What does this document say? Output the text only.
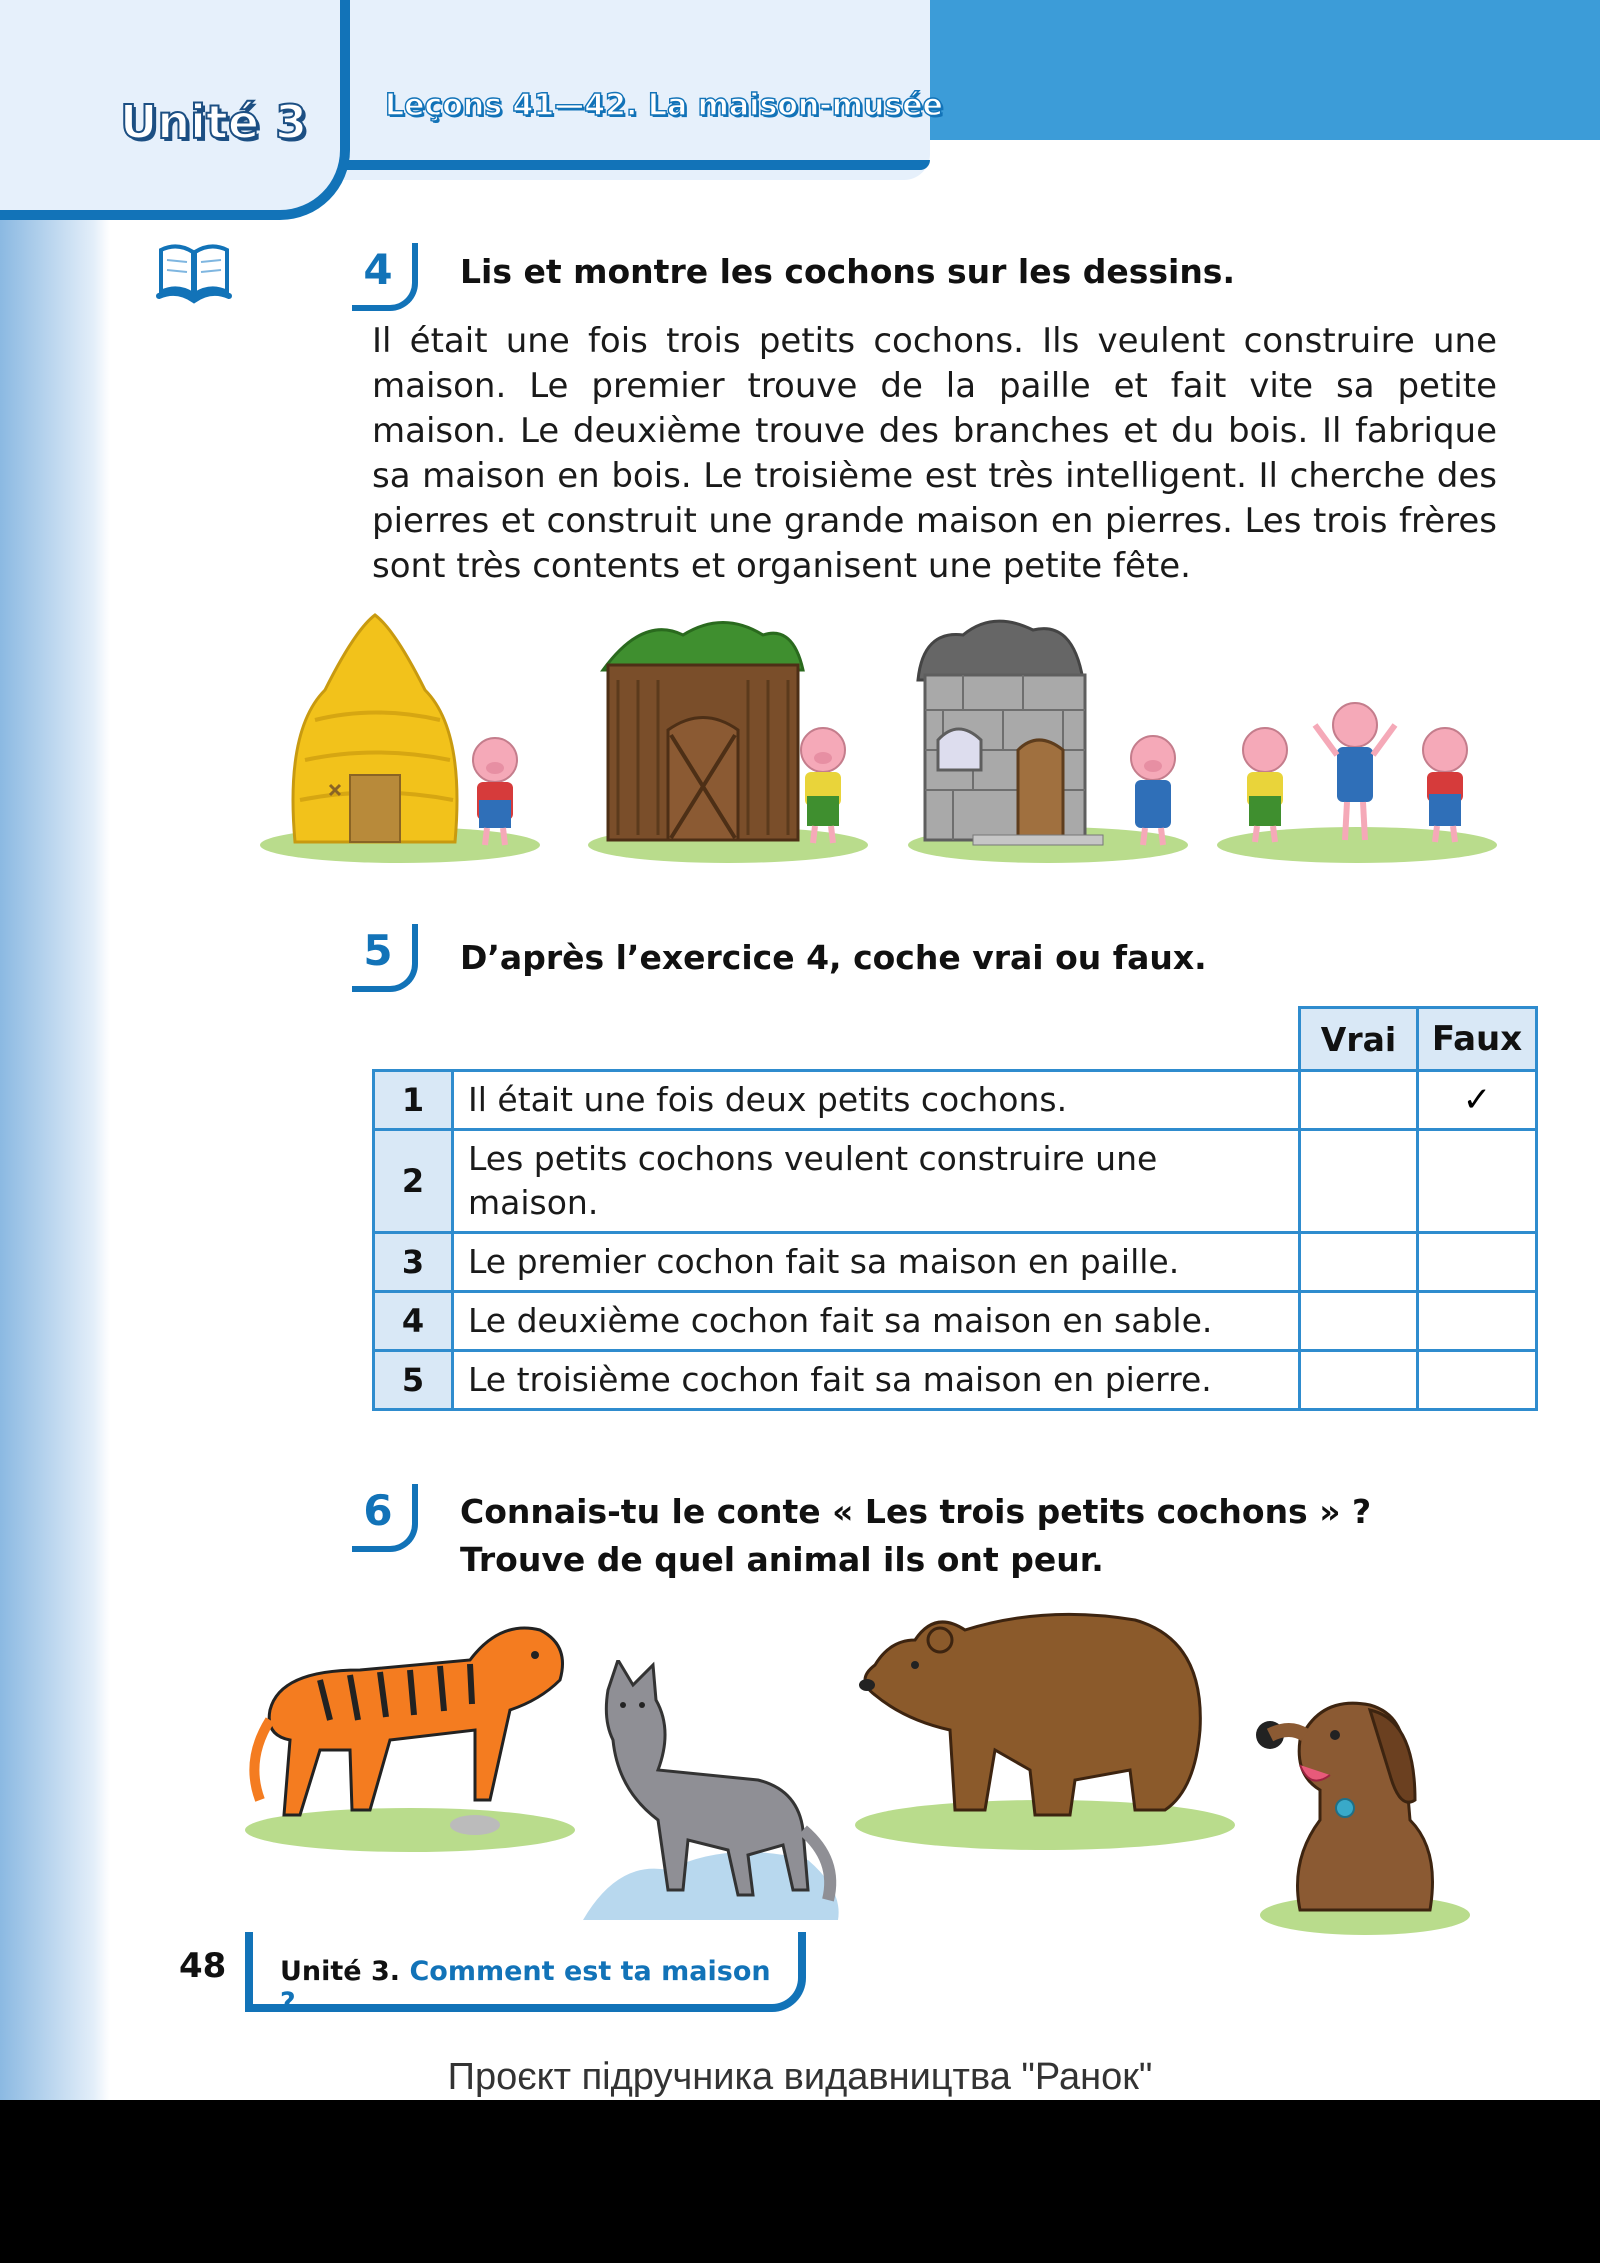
Unité 3	Leçons 41—42. La maison-musée
4	Lis et montre les cochons sur les dessins.
Il était une fois trois petits cochons. Ils veulent construire une maison. Le premier trouve de la paille et fait vite sa petite maison. Le deuxième trouve des branches et du bois. Il fabrique sa maison en bois. Le troisième est très intelligent. Il cherche des pierres et construit une grande maison en pierres. Les trois frères sont très contents et organisent une petite fête.
5	D’après l’exercice 4, coche vrai ou faux.
		Vrai	Faux
1	Il était une fois deux petits cochons.		✓
2	Les petits cochons veulent construire une maison.		
3	Le premier cochon fait sa maison en paille.		
4	Le deuxième cochon fait sa maison en sable.		
5	Le troisième cochon fait sa maison en pierre.		
6	Connais-tu le conte « Les trois petits cochons » ? Trouve de quel animal ils ont peur.
48 Unité 3. Comment est ta maison ?
Проєкт підручника видавництва "Ранок"
